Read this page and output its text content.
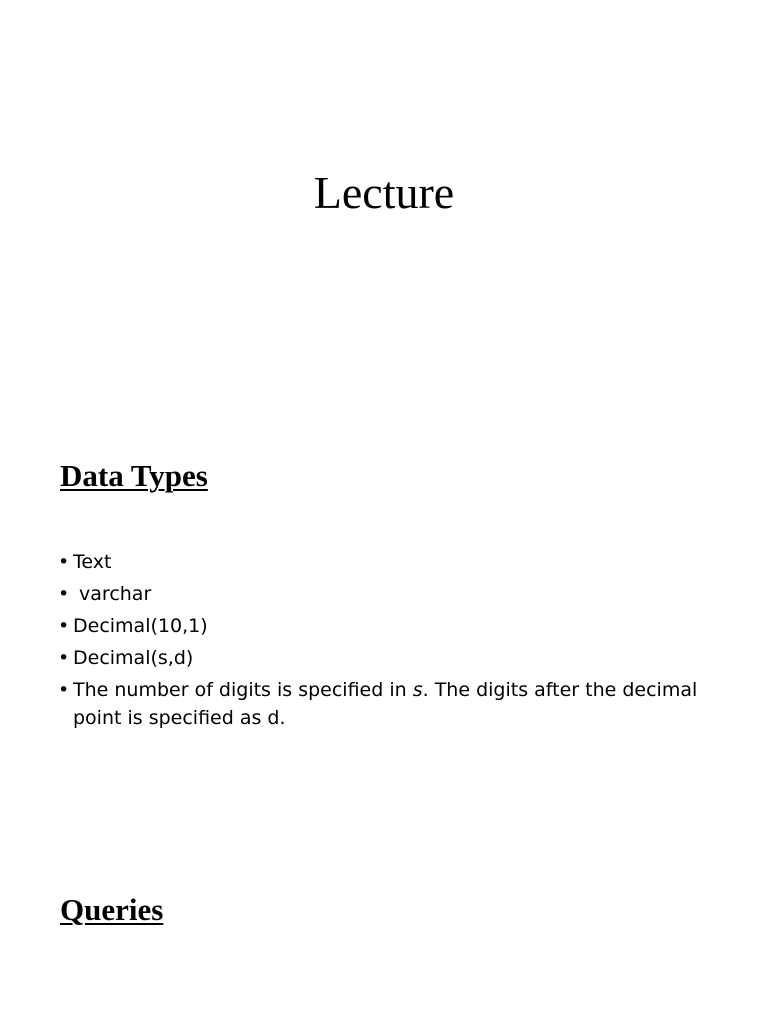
Lecture
Data Types
• Text
• varchar
• Decimal(10,1)
• Decimal(s,d)
• The number of digits is specified in s. The digits after the decimal point is specified as d.
Queries
